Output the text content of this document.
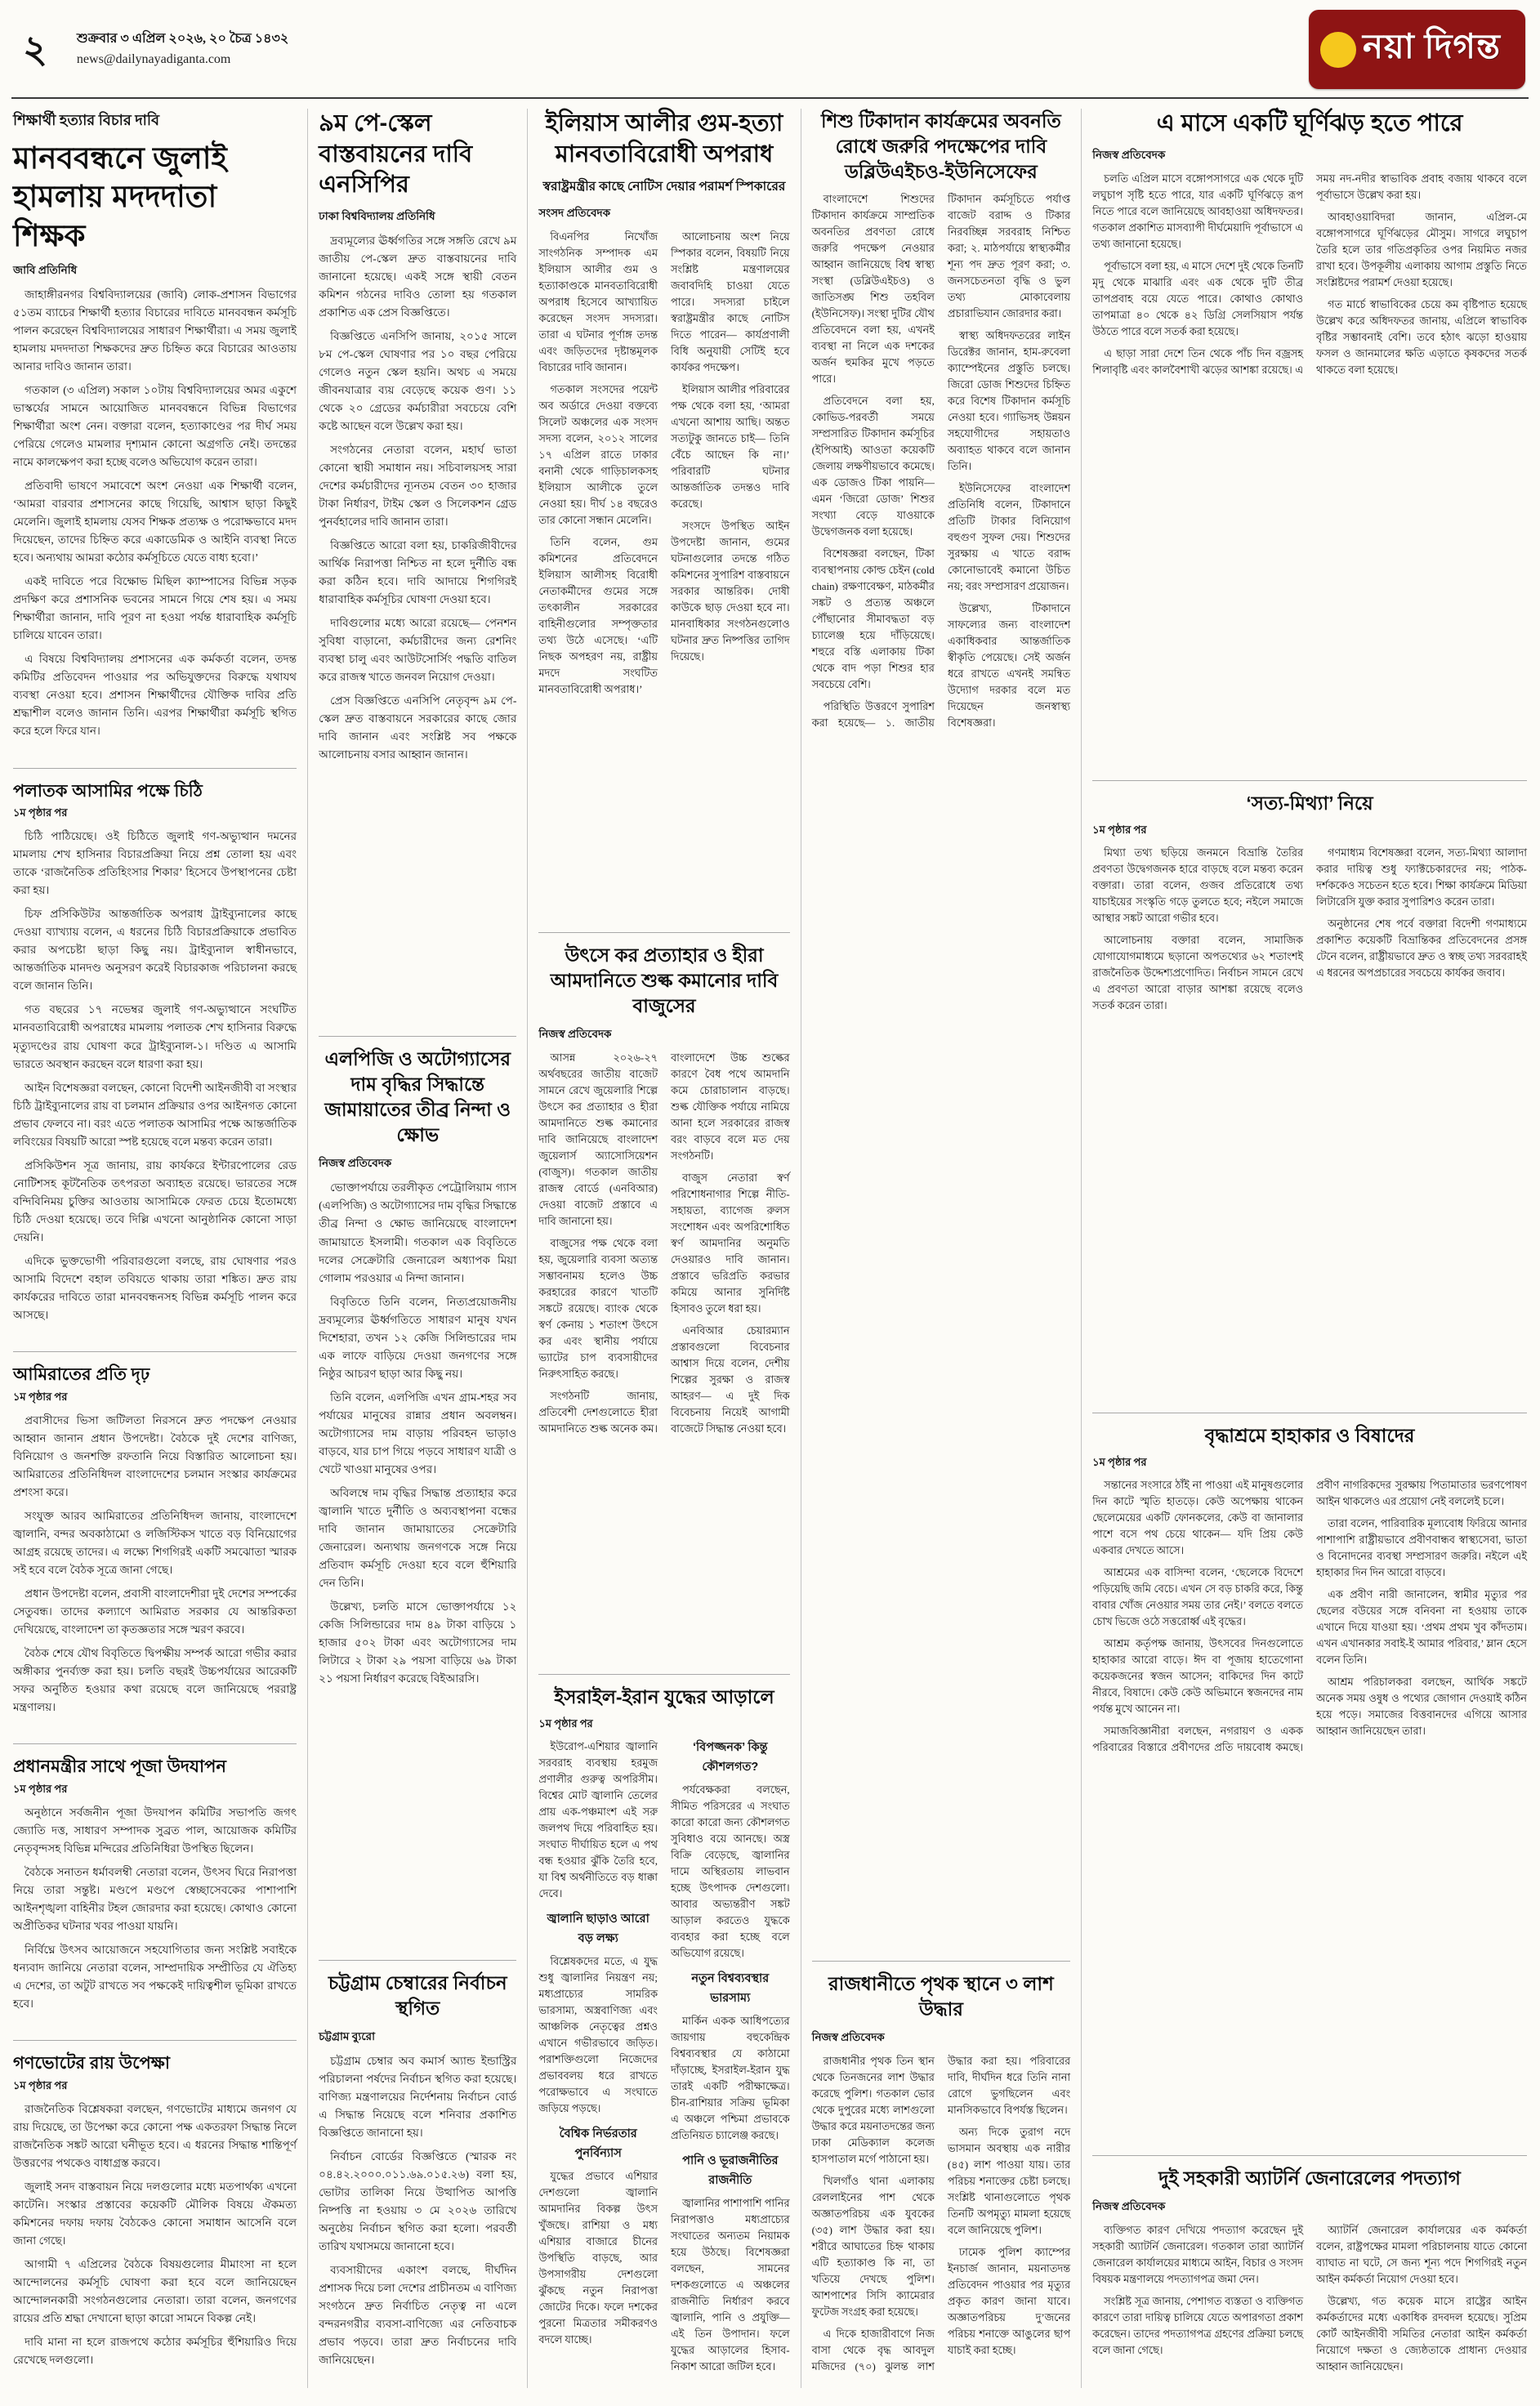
২	শুক্রবার ৩ এপ্রিল ২০২৬, ২০ চৈত্র ১৪৩২
news@dailynayadiganta.com	নয়া দিগন্ত

শিক্ষার্থী হত্যার বিচার দাবি

মানববন্ধনে জুলাই হামলায় মদদদাতা শিক্ষক

জাবি প্রতিনিধি

জাহাঙ্গীরনগর বিশ্ববিদ্যালয়ের (জাবি) লোক-প্রশাসন বিভাগের ৫১তম ব্যাচের শিক্ষার্থী হত্যার বিচারের দাবিতে মানববন্ধন কর্মসূচি পালন করেছেন বিশ্ববিদ্যালয়ের সাধারণ শিক্ষার্থীরা। এ সময় জুলাই হামলায় মদদদাতা শিক্ষকদের দ্রুত চিহ্নিত করে বিচারের আওতায় আনার দাবিও জানান তারা।

গতকাল (৩ এপ্রিল) সকাল ১০টায় বিশ্ববিদ্যালয়ের অমর একুশে ভাস্কর্যের সামনে আয়োজিত মানববন্ধনে বিভিন্ন বিভাগের শিক্ষার্থীরা অংশ নেন। বক্তারা বলেন, হত্যাকাণ্ডের পর দীর্ঘ সময় পেরিয়ে গেলেও মামলার দৃশ্যমান কোনো অগ্রগতি নেই। তদন্তের নামে কালক্ষেপণ করা হচ্ছে বলেও অভিযোগ করেন তারা।

প্রতিবাদী ভাষণে সমাবেশে অংশ নেওয়া এক শিক্ষার্থী বলেন, ‘আমরা বারবার প্রশাসনের কাছে গিয়েছি, আশ্বাস ছাড়া কিছুই মেলেনি। জুলাই হামলায় যেসব শিক্ষক প্রত্যক্ষ ও পরোক্ষভাবে মদদ দিয়েছেন, তাদের চিহ্নিত করে একাডেমিক ও আইনি ব্যবস্থা নিতে হবে। অন্যথায় আমরা কঠোর কর্মসূচিতে যেতে বাধ্য হবো।’

একই দাবিতে পরে বিক্ষোভ মিছিল ক্যাম্পাসের বিভিন্ন সড়ক প্রদক্ষিণ করে প্রশাসনিক ভবনের সামনে গিয়ে শেষ হয়। এ সময় শিক্ষার্থীরা জানান, দাবি পূরণ না হওয়া পর্যন্ত ধারাবাহিক কর্মসূচি চালিয়ে যাবেন তারা।

এ বিষয়ে বিশ্ববিদ্যালয় প্রশাসনের এক কর্মকর্তা বলেন, তদন্ত কমিটির প্রতিবেদন পাওয়ার পর অভিযুক্তদের বিরুদ্ধে যথাযথ ব্যবস্থা নেওয়া হবে। প্রশাসন শিক্ষার্থীদের যৌক্তিক দাবির প্রতি শ্রদ্ধাশীল বলেও জানান তিনি। এরপর শিক্ষার্থীরা কর্মসূচি স্থগিত করে হলে ফিরে যান।

পলাতক আসামির পক্ষে চিঠি

১ম পৃষ্ঠার পর

চিঠি পাঠিয়েছে। ওই চিঠিতে জুলাই গণ-অভ্যুত্থান দমনের মামলায় শেখ হাসিনার বিচারপ্রক্রিয়া নিয়ে প্রশ্ন তোলা হয় এবং তাকে ‘রাজনৈতিক প্রতিহিংসার শিকার’ হিসেবে উপস্থাপনের চেষ্টা করা হয়।

চিফ প্রসিকিউটর আন্তর্জাতিক অপরাধ ট্রাইব্যুনালের কাছে দেওয়া ব্যাখ্যায় বলেন, এ ধরনের চিঠি বিচারপ্রক্রিয়াকে প্রভাবিত করার অপচেষ্টা ছাড়া কিছু নয়। ট্রাইব্যুনাল স্বাধীনভাবে, আন্তর্জাতিক মানদণ্ড অনুসরণ করেই বিচারকাজ পরিচালনা করছে বলে জানান তিনি।

গত বছরের ১৭ নভেম্বর জুলাই গণ-অভ্যুত্থানে সংঘটিত মানবতাবিরোধী অপরাধের মামলায় পলাতক শেখ হাসিনার বিরুদ্ধে মৃত্যুদণ্ডের রায় ঘোষণা করে ট্রাইব্যুনাল-১। দণ্ডিত এ আসামি ভারতে অবস্থান করছেন বলে ধারণা করা হয়।

আইন বিশেষজ্ঞরা বলছেন, কোনো বিদেশী আইনজীবী বা সংস্থার চিঠি ট্রাইব্যুনালের রায় বা চলমান প্রক্রিয়ার ওপর আইনগত কোনো প্রভাব ফেলবে না। বরং এতে পলাতক আসামির পক্ষে আন্তর্জাতিক লবিংয়ের বিষয়টি আরো স্পষ্ট হয়েছে বলে মন্তব্য করেন তারা।

প্রসিকিউশন সূত্র জানায়, রায় কার্যকরে ইন্টারপোলের রেড নোটিশসহ কূটনৈতিক তৎপরতা অব্যাহত রয়েছে। ভারতের সঙ্গে বন্দিবিনিময় চুক্তির আওতায় আসামিকে ফেরত চেয়ে ইতোমধ্যে চিঠি দেওয়া হয়েছে। তবে দিল্লি এখনো আনুষ্ঠানিক কোনো সাড়া দেয়নি।

এদিকে ভুক্তভোগী পরিবারগুলো বলছে, রায় ঘোষণার পরও আসামি বিদেশে বহাল তবিয়তে থাকায় তারা শঙ্কিত। দ্রুত রায় কার্যকরের দাবিতে তারা মানববন্ধনসহ বিভিন্ন কর্মসূচি পালন করে আসছে।

আমিরাতের প্রতি দৃঢ়

১ম পৃষ্ঠার পর

প্রবাসীদের ভিসা জটিলতা নিরসনে দ্রুত পদক্ষেপ নেওয়ার আহ্বান জানান প্রধান উপদেষ্টা। বৈঠকে দুই দেশের বাণিজ্য, বিনিয়োগ ও জনশক্তি রফতানি নিয়ে বিস্তারিত আলোচনা হয়। আমিরাতের প্রতিনিধিদল বাংলাদেশের চলমান সংস্কার কার্যক্রমের প্রশংসা করে।

সংযুক্ত আরব আমিরাতের প্রতিনিধিদল জানায়, বাংলাদেশে জ্বালানি, বন্দর অবকাঠামো ও লজিস্টিকস খাতে বড় বিনিয়োগের আগ্রহ রয়েছে তাদের। এ লক্ষ্যে শিগগিরই একটি সমঝোতা স্মারক সই হবে বলে বৈঠক সূত্রে জানা গেছে।

প্রধান উপদেষ্টা বলেন, প্রবাসী বাংলাদেশীরা দুই দেশের সম্পর্কের সেতুবন্ধ। তাদের কল্যাণে আমিরাত সরকার যে আন্তরিকতা দেখিয়েছে, বাংলাদেশ তা কৃতজ্ঞতার সঙ্গে স্মরণ করবে।

বৈঠক শেষে যৌথ বিবৃতিতে দ্বিপক্ষীয় সম্পর্ক আরো গভীর করার অঙ্গীকার পুনর্ব্যক্ত করা হয়। চলতি বছরই উচ্চপর্যায়ের আরেকটি সফর অনুষ্ঠিত হওয়ার কথা রয়েছে বলে জানিয়েছে পররাষ্ট্র মন্ত্রণালয়।

প্রধানমন্ত্রীর সাথে পূজা উদযাপন

১ম পৃষ্ঠার পর

অনুষ্ঠানে সর্বজনীন পূজা উদযাপন কমিটির সভাপতি জগৎ জ্যোতি দত্ত, সাধারণ সম্পাদক সুব্রত পাল, আয়োজক কমিটির নেতৃবৃন্দসহ বিভিন্ন মন্দিরের প্রতিনিধিরা উপস্থিত ছিলেন।

বৈঠকে সনাতন ধর্মাবলম্বী নেতারা বলেন, উৎসব ঘিরে নিরাপত্তা নিয়ে তারা সন্তুষ্ট। মণ্ডপে মণ্ডপে স্বেচ্ছাসেবকের পাশাপাশি আইনশৃঙ্খলা বাহিনীর টহল জোরদার করা হয়েছে। কোথাও কোনো অপ্রীতিকর ঘটনার খবর পাওয়া যায়নি।

নির্বিঘ্নে উৎসব আয়োজনে সহযোগিতার জন্য সংশ্লিষ্ট সবাইকে ধন্যবাদ জানিয়ে নেতারা বলেন, সাম্প্রদায়িক সম্প্রীতির যে ঐতিহ্য এ দেশের, তা অটুট রাখতে সব পক্ষকেই দায়িত্বশীল ভূমিকা রাখতে হবে।

গণভোটের রায় উপেক্ষা

১ম পৃষ্ঠার পর

রাজনৈতিক বিশ্লেষকরা বলছেন, গণভোটের মাধ্যমে জনগণ যে রায় দিয়েছে, তা উপেক্ষা করে কোনো পক্ষ একতরফা সিদ্ধান্ত নিলে রাজনৈতিক সঙ্কট আরো ঘনীভূত হবে। এ ধরনের সিদ্ধান্ত শান্তিপূর্ণ উত্তরণের পথকেও বাধাগ্রস্ত করবে।

জুলাই সনদ বাস্তবায়ন নিয়ে দলগুলোর মধ্যে মতপার্থক্য এখনো কাটেনি। সংস্কার প্রস্তাবের কয়েকটি মৌলিক বিষয়ে ঐকমত্য কমিশনের দফায় দফায় বৈঠকেও কোনো সমাধান আসেনি বলে জানা গেছে।

আগামী ৭ এপ্রিলের বৈঠকে বিষয়গুলোর মীমাংসা না হলে আন্দোলনের কর্মসূচি ঘোষণা করা হবে বলে জানিয়েছেন আন্দোলনকারী সংগঠনগুলোর নেতারা। তারা বলেন, জনগণের রায়ের প্রতি শ্রদ্ধা দেখানো ছাড়া কারো সামনে বিকল্প নেই।

দাবি মানা না হলে রাজপথে কঠোর কর্মসূচির হুঁশিয়ারিও দিয়ে রেখেছে দলগুলো।

৯ম পে-স্কেল বাস্তবায়নের দাবি এনসিপির

ঢাকা বিশ্ববিদ্যালয় প্রতিনিধি

দ্রব্যমূল্যের ঊর্ধ্বগতির সঙ্গে সঙ্গতি রেখে ৯ম জাতীয় পে-স্কেল দ্রুত বাস্তবায়নের দাবি জানানো হয়েছে। একই সঙ্গে স্থায়ী বেতন কমিশন গঠনের দাবিও তোলা হয় গতকাল প্রকাশিত এক প্রেস বিজ্ঞপ্তিতে।

বিজ্ঞপ্তিতে এনসিপি জানায়, ২০১৫ সালে ৮ম পে-স্কেল ঘোষণার পর ১০ বছর পেরিয়ে গেলেও নতুন স্কেল হয়নি। অথচ এ সময়ে জীবনযাত্রার ব্যয় বেড়েছে কয়েক গুণ। ১১ থেকে ২০ গ্রেডের কর্মচারীরা সবচেয়ে বেশি কষ্টে আছেন বলে উল্লেখ করা হয়।

সংগঠনের নেতারা বলেন, মহার্ঘ ভাতা কোনো স্থায়ী সমাধান নয়। সচিবালয়সহ সারা দেশের কর্মচারীদের ন্যূনতম বেতন ৩০ হাজার টাকা নির্ধারণ, টাইম স্কেল ও সিলেকশন গ্রেড পুনর্বহালের দাবি জানান তারা।

বিজ্ঞপ্তিতে আরো বলা হয়, চাকরিজীবীদের আর্থিক নিরাপত্তা নিশ্চিত না হলে দুর্নীতি বন্ধ করা কঠিন হবে। দাবি আদায়ে শিগগিরই ধারাবাহিক কর্মসূচির ঘোষণা দেওয়া হবে।

দাবিগুলোর মধ্যে আরো রয়েছে— পেনশন সুবিধা বাড়ানো, কর্মচারীদের জন্য রেশনিং ব্যবস্থা চালু এবং আউটসোর্সিং পদ্ধতি বাতিল করে রাজস্ব খাতে জনবল নিয়োগ দেওয়া।

প্রেস বিজ্ঞপ্তিতে এনসিপি নেতৃবৃন্দ ৯ম পে-স্কেল দ্রুত বাস্তবায়নে সরকারের কাছে জোর দাবি জানান এবং সংশ্লিষ্ট সব পক্ষকে আলোচনায় বসার আহ্বান জানান।

এলপিজি ও অটোগ্যাসের দাম বৃদ্ধির সিদ্ধান্তে জামায়াতের তীব্র নিন্দা ও ক্ষোভ

নিজস্ব প্রতিবেদক

ভোক্তাপর্যায়ে তরলীকৃত পেট্রোলিয়াম গ্যাস (এলপিজি) ও অটোগ্যাসের দাম বৃদ্ধির সিদ্ধান্তে তীব্র নিন্দা ও ক্ষোভ জানিয়েছে বাংলাদেশ জামায়াতে ইসলামী। গতকাল এক বিবৃতিতে দলের সেক্রেটারি জেনারেল অধ্যাপক মিয়া গোলাম পরওয়ার এ নিন্দা জানান।

বিবৃতিতে তিনি বলেন, নিত্যপ্রয়োজনীয় দ্রব্যমূল্যের ঊর্ধ্বগতিতে সাধারণ মানুষ যখন দিশেহারা, তখন ১২ কেজি সিলিন্ডারের দাম এক লাফে বাড়িয়ে দেওয়া জনগণের সঙ্গে নিষ্ঠুর আচরণ ছাড়া আর কিছু নয়।

তিনি বলেন, এলপিজি এখন গ্রাম-শহর সব পর্যায়ের মানুষের রান্নার প্রধান অবলম্বন। অটোগ্যাসের দাম বাড়ায় পরিবহন ভাড়াও বাড়বে, যার চাপ গিয়ে পড়বে সাধারণ যাত্রী ও খেটে খাওয়া মানুষের ওপর।

অবিলম্বে দাম বৃদ্ধির সিদ্ধান্ত প্রত্যাহার করে জ্বালানি খাতে দুর্নীতি ও অব্যবস্থাপনা বন্ধের দাবি জানান জামায়াতের সেক্রেটারি জেনারেল। অন্যথায় জনগণকে সঙ্গে নিয়ে প্রতিবাদ কর্মসূচি দেওয়া হবে বলে হুঁশিয়ারি দেন তিনি।

উল্লেখ্য, চলতি মাসে ভোক্তাপর্যায়ে ১২ কেজি সিলিন্ডারের দাম ৪৯ টাকা বাড়িয়ে ১ হাজার ৫০২ টাকা এবং অটোগ্যাসের দাম লিটারে ২ টাকা ২৯ পয়সা বাড়িয়ে ৬৯ টাকা ২১ পয়সা নির্ধারণ করেছে বিইআরসি।

চট্টগ্রাম চেম্বারের নির্বাচন স্থগিত

চট্টগ্রাম ব্যুরো

চট্টগ্রাম চেম্বার অব কমার্স অ্যান্ড ইন্ডাস্ট্রির পরিচালনা পর্ষদের নির্বাচন স্থগিত করা হয়েছে। বাণিজ্য মন্ত্রণালয়ের নির্দেশনায় নির্বাচন বোর্ড এ সিদ্ধান্ত নিয়েছে বলে শনিবার প্রকাশিত বিজ্ঞপ্তিতে জানানো হয়।

নির্বাচন বোর্ডের বিজ্ঞপ্তিতে (স্মারক নং ০৪.৪২.২০০০.০১১.৬৯.০১৫.২৬) বলা হয়, ভোটার তালিকা নিয়ে উত্থাপিত আপত্তি নিষ্পত্তি না হওয়ায় ৩ মে ২০২৬ তারিখে অনুষ্ঠেয় নির্বাচন স্থগিত করা হলো। পরবর্তী তারিখ যথাসময়ে জানানো হবে।

ব্যবসায়ীদের একাংশ বলছে, দীর্ঘদিন প্রশাসক দিয়ে চলা দেশের প্রাচীনতম এ বাণিজ্য সংগঠনে দ্রুত নির্বাচিত নেতৃত্ব না এলে বন্দরনগরীর ব্যবসা-বাণিজ্যে এর নেতিবাচক প্রভাব পড়বে। তারা দ্রুত নির্বাচনের দাবি জানিয়েছেন।

ইলিয়াস আলীর গুম-হত্যা মানবতাবিরোধী অপরাধ

স্বরাষ্ট্রমন্ত্রীর কাছে নোটিস দেয়ার পরামর্শ স্পিকারের

সংসদ প্রতিবেদক

বিএনপির নিখোঁজ সাংগঠনিক সম্পাদক এম ইলিয়াস আলীর গুম ও হত্যাকাণ্ডকে মানবতাবিরোধী অপরাধ হিসেবে আখ্যায়িত করেছেন সংসদ সদস্যরা। তারা এ ঘটনার পূর্ণাঙ্গ তদন্ত এবং জড়িতদের দৃষ্টান্তমূলক বিচারের দাবি জানান।

গতকাল সংসদের পয়েন্ট অব অর্ডারে দেওয়া বক্তব্যে সিলেট অঞ্চলের এক সংসদ সদস্য বলেন, ২০১২ সালের ১৭ এপ্রিল রাতে ঢাকার বনানী থেকে গাড়িচালকসহ ইলিয়াস আলীকে তুলে নেওয়া হয়। দীর্ঘ ১৪ বছরেও তার কোনো সন্ধান মেলেনি।

তিনি বলেন, গুম কমিশনের প্রতিবেদনে ইলিয়াস আলীসহ বিরোধী নেতাকর্মীদের গুমের সঙ্গে তৎকালীন সরকারের বাহিনীগুলোর সম্পৃক্ততার তথ্য উঠে এসেছে। ‘এটি নিছক অপহরণ নয়, রাষ্ট্রীয় মদদে সংঘটিত মানবতাবিরোধী অপরাধ।’

আলোচনায় অংশ নিয়ে স্পিকার বলেন, বিষয়টি নিয়ে সংশ্লিষ্ট মন্ত্রণালয়ের জবাবদিহি চাওয়া যেতে পারে। সদস্যরা চাইলে স্বরাষ্ট্রমন্ত্রীর কাছে নোটিস দিতে পারেন— কার্যপ্রণালী বিধি অনুযায়ী সেটিই হবে কার্যকর পদক্ষেপ।

ইলিয়াস আলীর পরিবারের পক্ষ থেকে বলা হয়, ‘আমরা এখনো আশায় আছি। অন্তত সত্যটুকু জানতে চাই— তিনি বেঁচে আছেন কি না।’ পরিবারটি ঘটনার আন্তর্জাতিক তদন্তও দাবি করেছে।

সংসদে উপস্থিত আইন উপদেষ্টা জানান, গুমের ঘটনাগুলোর তদন্তে গঠিত কমিশনের সুপারিশ বাস্তবায়নে সরকার আন্তরিক। দোষী কাউকে ছাড় দেওয়া হবে না। মানবাধিকার সংগঠনগুলোও ঘটনার দ্রুত নিষ্পত্তির তাগিদ দিয়েছে।

উৎসে কর প্রত্যাহার ও হীরা আমদানিতে শুল্ক কমানোর দাবি বাজুসের

নিজস্ব প্রতিবেদক

আসন্ন ২০২৬-২৭ অর্থবছরের জাতীয় বাজেট সামনে রেখে জুয়েলারি শিল্পে উৎসে কর প্রত্যাহার ও হীরা আমদানিতে শুল্ক কমানোর দাবি জানিয়েছে বাংলাদেশ জুয়েলার্স অ্যাসোসিয়েশন (বাজুস)। গতকাল জাতীয় রাজস্ব বোর্ডে (এনবিআর) দেওয়া বাজেট প্রস্তাবে এ দাবি জানানো হয়।

বাজুসের পক্ষ থেকে বলা হয়, জুয়েলারি ব্যবসা অত্যন্ত সম্ভাবনাময় হলেও উচ্চ করহারের কারণে খাতটি সঙ্কটে রয়েছে। ব্যাংক থেকে স্বর্ণ কেনায় ১ শতাংশ উৎসে কর এবং স্থানীয় পর্যায়ে ভ্যাটের চাপ ব্যবসায়ীদের নিরুৎসাহিত করছে।

সংগঠনটি জানায়, প্রতিবেশী দেশগুলোতে হীরা আমদানিতে শুল্ক অনেক কম। বাংলাদেশে উচ্চ শুল্কের কারণে বৈধ পথে আমদানি কমে চোরাচালান বাড়ছে। শুল্ক যৌক্তিক পর্যায়ে নামিয়ে আনা হলে সরকারের রাজস্ব বরং বাড়বে বলে মত দেয় সংগঠনটি।

বাজুস নেতারা স্বর্ণ পরিশোধনাগার শিল্পে নীতি-সহায়তা, ব্যাগেজ রুলস সংশোধন এবং অপরিশোধিত স্বর্ণ আমদানির অনুমতি দেওয়ারও দাবি জানান। প্রস্তাবে ভরিপ্রতি করভার কমিয়ে আনার সুনির্দিষ্ট হিসাবও তুলে ধরা হয়।

এনবিআর চেয়ারম্যান প্রস্তাবগুলো বিবেচনার আশ্বাস দিয়ে বলেন, দেশীয় শিল্পের সুরক্ষা ও রাজস্ব আহরণ— এ দুই দিক বিবেচনায় নিয়েই আগামী বাজেটে সিদ্ধান্ত নেওয়া হবে।

ইসরাইল-ইরান যুদ্ধের আড়ালে

১ম পৃষ্ঠার পর

ইউরোপ-এশিয়ার জ্বালানি সরবরাহ ব্যবস্থায় হরমুজ প্রণালীর গুরুত্ব অপরিসীম। বিশ্বের মোট জ্বালানি তেলের প্রায় এক-পঞ্চমাংশ এই সরু জলপথ দিয়ে পরিবাহিত হয়। সংঘাত দীর্ঘায়িত হলে এ পথ বন্ধ হওয়ার ঝুঁকি তৈরি হবে, যা বিশ্ব অর্থনীতিতে বড় ধাক্কা দেবে।

জ্বালানি ছাড়াও আরো বড় লক্ষ্য

বিশ্লেষকদের মতে, এ যুদ্ধ শুধু জ্বালানির নিয়ন্ত্রণ নয়; মধ্যপ্রাচ্যের সামরিক ভারসাম্য, অস্ত্রবাণিজ্য এবং আঞ্চলিক নেতৃত্বের প্রশ্নও এখানে গভীরভাবে জড়িত। পরাশক্তিগুলো নিজেদের প্রভাববলয় ধরে রাখতে পরোক্ষভাবে এ সংঘাতে জড়িয়ে পড়ছে।

বৈশ্বিক নির্ভরতার পুনর্বিন্যাস

যুদ্ধের প্রভাবে এশিয়ার দেশগুলো জ্বালানি আমদানির বিকল্প উৎস খুঁজছে। রাশিয়া ও মধ্য এশিয়ার বাজারে চীনের উপস্থিতি বাড়ছে, আর উপসাগরীয় দেশগুলো ঝুঁকছে নতুন নিরাপত্তা জোটের দিকে। ফলে দশকের পুরনো মিত্রতার সমীকরণও বদলে যাচ্ছে।

‘বিপজ্জনক’ কিন্তু কৌশলগত?

পর্যবেক্ষকরা বলছেন, সীমিত পরিসরের এ সংঘাত কারো কারো জন্য কৌশলগত সুবিধাও বয়ে আনছে। অস্ত্র বিক্রি বেড়েছে, জ্বালানির দামে অস্থিরতায় লাভবান হচ্ছে উৎপাদক দেশগুলো। আবার অভ্যন্তরীণ সঙ্কট আড়াল করতেও যুদ্ধকে ব্যবহার করা হচ্ছে বলে অভিযোগ রয়েছে।

নতুন বিশ্বব্যবস্থার ভারসাম্য

মার্কিন একক আধিপত্যের জায়গায় বহুকেন্দ্রিক বিশ্বব্যবস্থার যে কাঠামো দাঁড়াচ্ছে, ইসরাইল-ইরান যুদ্ধ তারই একটি পরীক্ষাক্ষেত্র। চীন-রাশিয়ার সক্রিয় ভূমিকা এ অঞ্চলে পশ্চিমা প্রভাবকে প্রতিনিয়ত চ্যালেঞ্জ করছে।

পানি ও ভূরাজনীতির রাজনীতি

জ্বালানির পাশাপাশি পানির নিরাপত্তাও মধ্যপ্রাচ্যের সংঘাতের অন্যতম নিয়ামক হয়ে উঠছে। বিশেষজ্ঞরা বলছেন, সামনের দশকগুলোতে এ অঞ্চলের রাজনীতি নির্ধারণ করবে জ্বালানি, পানি ও প্রযুক্তি— এই তিন উপাদান। ফলে যুদ্ধের আড়ালের হিসাব-নিকাশ আরো জটিল হবে।

শিশু টিকাদান কার্যক্রমের অবনতি রোধে জরুরি পদক্ষেপের দাবি ডব্লিউএইচও-ইউনিসেফের

বাংলাদেশে শিশুদের টিকাদান কার্যক্রমে সাম্প্রতিক অবনতির প্রবণতা রোধে জরুরি পদক্ষেপ নেওয়ার আহ্বান জানিয়েছে বিশ্ব স্বাস্থ্য সংস্থা (ডব্লিউএইচও) ও জাতিসঙ্ঘ শিশু তহবিল (ইউনিসেফ)। সংস্থা দুটির যৌথ প্রতিবেদনে বলা হয়, এখনই ব্যবস্থা না নিলে এক দশকের অর্জন হুমকির মুখে পড়তে পারে।

প্রতিবেদনে বলা হয়, কোভিড-পরবর্তী সময়ে সম্প্রসারিত টিকাদান কর্মসূচির (ইপিআই) আওতা কয়েকটি জেলায় লক্ষণীয়ভাবে কমেছে। এক ডোজও টিকা পায়নি— এমন ‘জিরো ডোজ’ শিশুর সংখ্যা বেড়ে যাওয়াকে উদ্বেগজনক বলা হয়েছে।

বিশেষজ্ঞরা বলছেন, টিকা ব্যবস্থাপনায় কোল্ড চেইন (cold chain) রক্ষণাবেক্ষণ, মাঠকর্মীর সঙ্কট ও প্রত্যন্ত অঞ্চলে পৌঁছানোর সীমাবদ্ধতা বড় চ্যালেঞ্জ হয়ে দাঁড়িয়েছে। শহুরে বস্তি এলাকায় টিকা থেকে বাদ পড়া শিশুর হার সবচেয়ে বেশি।

পরিস্থিতি উত্তরণে সুপারিশ করা হয়েছে— ১. জাতীয় টিকাদান কর্মসূচিতে পর্যাপ্ত বাজেট বরাদ্দ ও টিকার নিরবচ্ছিন্ন সরবরাহ নিশ্চিত করা; ২. মাঠপর্যায়ে স্বাস্থ্যকর্মীর শূন্য পদ দ্রুত পূরণ করা; ৩. জনসচেতনতা বৃদ্ধি ও ভুল তথ্য মোকাবেলায় প্রচারাভিযান জোরদার করা।

স্বাস্থ্য অধিদফতরের লাইন ডিরেক্টর জানান, হাম-রুবেলা ক্যাম্পেইনের প্রস্তুতি চলছে। জিরো ডোজ শিশুদের চিহ্নিত করে বিশেষ টিকাদান কর্মসূচি নেওয়া হবে। গ্যাভিসহ উন্নয়ন সহযোগীদের সহায়তাও অব্যাহত থাকবে বলে জানান তিনি।

ইউনিসেফের বাংলাদেশ প্রতিনিধি বলেন, টিকাদানে প্রতিটি টাকার বিনিয়োগ বহুগুণ সুফল দেয়। শিশুদের সুরক্ষায় এ খাতে বরাদ্দ কোনোভাবেই কমানো উচিত নয়; বরং সম্প্রসারণ প্রয়োজন।

উল্লেখ্য, টিকাদানে সাফল্যের জন্য বাংলাদেশ একাধিকবার আন্তর্জাতিক স্বীকৃতি পেয়েছে। সেই অর্জন ধরে রাখতে এখনই সমন্বিত উদ্যোগ দরকার বলে মত দিয়েছেন জনস্বাস্থ্য বিশেষজ্ঞরা।

রাজধানীতে পৃথক স্থানে ৩ লাশ উদ্ধার

নিজস্ব প্রতিবেদক

রাজধানীর পৃথক তিন স্থান থেকে তিনজনের লাশ উদ্ধার করেছে পুলিশ। গতকাল ভোর থেকে দুপুরের মধ্যে লাশগুলো উদ্ধার করে ময়নাতদন্তের জন্য ঢাকা মেডিক্যাল কলেজ হাসপাতাল মর্গে পাঠানো হয়।

খিলগাঁও থানা এলাকায় রেললাইনের পাশ থেকে অজ্ঞাতপরিচয় এক যুবকের (৩৫) লাশ উদ্ধার করা হয়। শরীরে আঘাতের চিহ্ন থাকায় এটি হত্যাকাণ্ড কি না, তা খতিয়ে দেখছে পুলিশ। আশপাশের সিসি ক্যামেরার ফুটেজ সংগ্রহ করা হয়েছে।

এ দিকে হাজারীবাগে নিজ বাসা থেকে বৃদ্ধ আবদুল মজিদের (৭০) ঝুলন্ত লাশ উদ্ধার করা হয়। পরিবারের দাবি, দীর্ঘদিন ধরে তিনি নানা রোগে ভুগছিলেন এবং মানসিকভাবে বিপর্যস্ত ছিলেন।

অন্য দিকে তুরাগ নদে ভাসমান অবস্থায় এক নারীর (৪৫) লাশ পাওয়া যায়। তার পরিচয় শনাক্তের চেষ্টা চলছে। সংশ্লিষ্ট থানাগুলোতে পৃথক তিনটি অপমৃত্যু মামলা হয়েছে বলে জানিয়েছে পুলিশ।

ঢামেক পুলিশ ক্যাম্পের ইনচার্জ জানান, ময়নাতদন্ত প্রতিবেদন পাওয়ার পর মৃত্যুর প্রকৃত কারণ জানা যাবে। অজ্ঞাতপরিচয় দু’জনের পরিচয় শনাক্তে আঙুলের ছাপ যাচাই করা হচ্ছে।

এ মাসে একটি ঘূর্ণিঝড় হতে পারে

নিজস্ব প্রতিবেদক

চলতি এপ্রিল মাসে বঙ্গোপসাগরে এক থেকে দুটি লঘুচাপ সৃষ্টি হতে পারে, যার একটি ঘূর্ণিঝড়ে রূপ নিতে পারে বলে জানিয়েছে আবহাওয়া অধিদফতর। গতকাল প্রকাশিত মাসব্যাপী দীর্ঘমেয়াদি পূর্বাভাসে এ তথ্য জানানো হয়েছে।

পূর্বাভাসে বলা হয়, এ মাসে দেশে দুই থেকে তিনটি মৃদু থেকে মাঝারি এবং এক থেকে দুটি তীব্র তাপপ্রবাহ বয়ে যেতে পারে। কোথাও কোথাও তাপমাত্রা ৪০ থেকে ৪২ ডিগ্রি সেলসিয়াস পর্যন্ত উঠতে পারে বলে সতর্ক করা হয়েছে।

এ ছাড়া সারা দেশে তিন থেকে পাঁচ দিন বজ্রসহ শিলাবৃষ্টি এবং কালবৈশাখী ঝড়ের আশঙ্কা রয়েছে। এ সময় নদ-নদীর স্বাভাবিক প্রবাহ বজায় থাকবে বলে পূর্বাভাসে উল্লেখ করা হয়।

আবহাওয়াবিদরা জানান, এপ্রিল-মে বঙ্গোপসাগরে ঘূর্ণিঝড়ের মৌসুম। সাগরে লঘুচাপ তৈরি হলে তার গতিপ্রকৃতির ওপর নিয়মিত নজর রাখা হবে। উপকূলীয় এলাকায় আগাম প্রস্তুতি নিতে সংশ্লিষ্টদের পরামর্শ দেওয়া হয়েছে।

গত মার্চে স্বাভাবিকের চেয়ে কম বৃষ্টিপাত হয়েছে উল্লেখ করে অধিদফতর জানায়, এপ্রিলে স্বাভাবিক বৃষ্টির সম্ভাবনাই বেশি। তবে হঠাৎ ঝড়ো হাওয়ায় ফসল ও জানমালের ক্ষতি এড়াতে কৃষকদের সতর্ক থাকতে বলা হয়েছে।

‘সত্য-মিথ্যা’ নিয়ে

১ম পৃষ্ঠার পর

মিথ্যা তথ্য ছড়িয়ে জনমনে বিভ্রান্তি তৈরির প্রবণতা উদ্বেগজনক হারে বাড়ছে বলে মন্তব্য করেন বক্তারা। তারা বলেন, গুজব প্রতিরোধে তথ্য যাচাইয়ের সংস্কৃতি গড়ে তুলতে হবে; নইলে সমাজে আস্থার সঙ্কট আরো গভীর হবে।

আলোচনায় বক্তারা বলেন, সামাজিক যোগাযোগমাধ্যমে ছড়ানো অপতথ্যের ৬২ শতাংশই রাজনৈতিক উদ্দেশ্যপ্রণোদিত। নির্বাচন সামনে রেখে এ প্রবণতা আরো বাড়ার আশঙ্কা রয়েছে বলেও সতর্ক করেন তারা।

গণমাধ্যম বিশেষজ্ঞরা বলেন, সত্য-মিথ্যা আলাদা করার দায়িত্ব শুধু ফ্যাক্টচেকারদের নয়; পাঠক-দর্শককেও সচেতন হতে হবে। শিক্ষা কার্যক্রমে মিডিয়া লিটারেসি যুক্ত করার সুপারিশও করেন তারা।

অনুষ্ঠানের শেষ পর্বে বক্তারা বিদেশী গণমাধ্যমে প্রকাশিত কয়েকটি বিভ্রান্তিকর প্রতিবেদনের প্রসঙ্গ টেনে বলেন, রাষ্ট্রীয়ভাবে দ্রুত ও স্বচ্ছ তথ্য সরবরাহই এ ধরনের অপপ্রচারের সবচেয়ে কার্যকর জবাব।

বৃদ্ধাশ্রমে হাহাকার ও বিষাদের

১ম পৃষ্ঠার পর

সন্তানের সংসারে ঠাঁই না পাওয়া এই মানুষগুলোর দিন কাটে স্মৃতি হাতড়ে। কেউ অপেক্ষায় থাকেন ছেলেমেয়ের একটি ফোনকলের, কেউ বা জানালার পাশে বসে পথ চেয়ে থাকেন— যদি প্রিয় কেউ একবার দেখতে আসে।

আশ্রমের এক বাসিন্দা বলেন, ‘ছেলেকে বিদেশে পড়িয়েছি জমি বেচে। এখন সে বড় চাকরি করে, কিন্তু বাবার খোঁজ নেওয়ার সময় তার নেই।’ বলতে বলতে চোখ ভিজে ওঠে সত্তরোর্ধ্ব এই বৃদ্ধের।

আশ্রম কর্তৃপক্ষ জানায়, উৎসবের দিনগুলোতে হাহাকার আরো বাড়ে। ঈদ বা পূজায় হাতেগোনা কয়েকজনের স্বজন আসেন; বাকিদের দিন কাটে নীরবে, বিষাদে। কেউ কেউ অভিমানে স্বজনদের নাম পর্যন্ত মুখে আনেন না।

সমাজবিজ্ঞানীরা বলছেন, নগরায়ণ ও একক পরিবারের বিস্তারে প্রবীণদের প্রতি দায়বোধ কমছে। প্রবীণ নাগরিকদের সুরক্ষায় পিতামাতার ভরণপোষণ আইন থাকলেও এর প্রয়োগ নেই বললেই চলে।

তারা বলেন, পারিবারিক মূল্যবোধ ফিরিয়ে আনার পাশাপাশি রাষ্ট্রীয়ভাবে প্রবীণবান্ধব স্বাস্থ্যসেবা, ভাতা ও বিনোদনের ব্যবস্থা সম্প্রসারণ জরুরি। নইলে এই হাহাকার দিন দিন আরো বাড়বে।

এক প্রবীণ নারী জানালেন, স্বামীর মৃত্যুর পর ছেলের বউয়ের সঙ্গে বনিবনা না হওয়ায় তাকে এখানে দিয়ে যাওয়া হয়। ‘প্রথম প্রথম খুব কাঁদতাম। এখন এখানকার সবাই-ই আমার পরিবার,’ ম্লান হেসে বলেন তিনি।

আশ্রম পরিচালকরা বলছেন, আর্থিক সঙ্কটে অনেক সময় ওষুধ ও পথ্যের জোগান দেওয়াই কঠিন হয়ে পড়ে। সমাজের বিত্তবানদের এগিয়ে আসার আহ্বান জানিয়েছেন তারা।

দুই সহকারী অ্যাটর্নি জেনারেলের পদত্যাগ

নিজস্ব প্রতিবেদক

ব্যক্তিগত কারণ দেখিয়ে পদত্যাগ করেছেন দুই সহকারী অ্যাটর্নি জেনারেল। গতকাল তারা অ্যাটর্নি জেনারেল কার্যালয়ের মাধ্যমে আইন, বিচার ও সংসদ বিষয়ক মন্ত্রণালয়ে পদত্যাগপত্র জমা দেন।

সংশ্লিষ্ট সূত্র জানায়, পেশাগত ব্যস্ততা ও ব্যক্তিগত কারণে তারা দায়িত্ব চালিয়ে যেতে অপারগতা প্রকাশ করেছেন। তাদের পদত্যাগপত্র গ্রহণের প্রক্রিয়া চলছে বলে জানা গেছে।

অ্যাটর্নি জেনারেল কার্যালয়ের এক কর্মকর্তা বলেন, রাষ্ট্রপক্ষের মামলা পরিচালনায় যাতে কোনো ব্যাঘাত না ঘটে, সে জন্য শূন্য পদে শিগগিরই নতুন আইন কর্মকর্তা নিয়োগ দেওয়া হবে।

উল্লেখ্য, গত কয়েক মাসে রাষ্ট্রের আইন কর্মকর্তাদের মধ্যে একাধিক রদবদল হয়েছে। সুপ্রিম কোর্ট আইনজীবী সমিতির নেতারা আইন কর্মকর্তা নিয়োগে দক্ষতা ও জ্যেষ্ঠতাকে প্রাধান্য দেওয়ার আহ্বান জানিয়েছেন।
